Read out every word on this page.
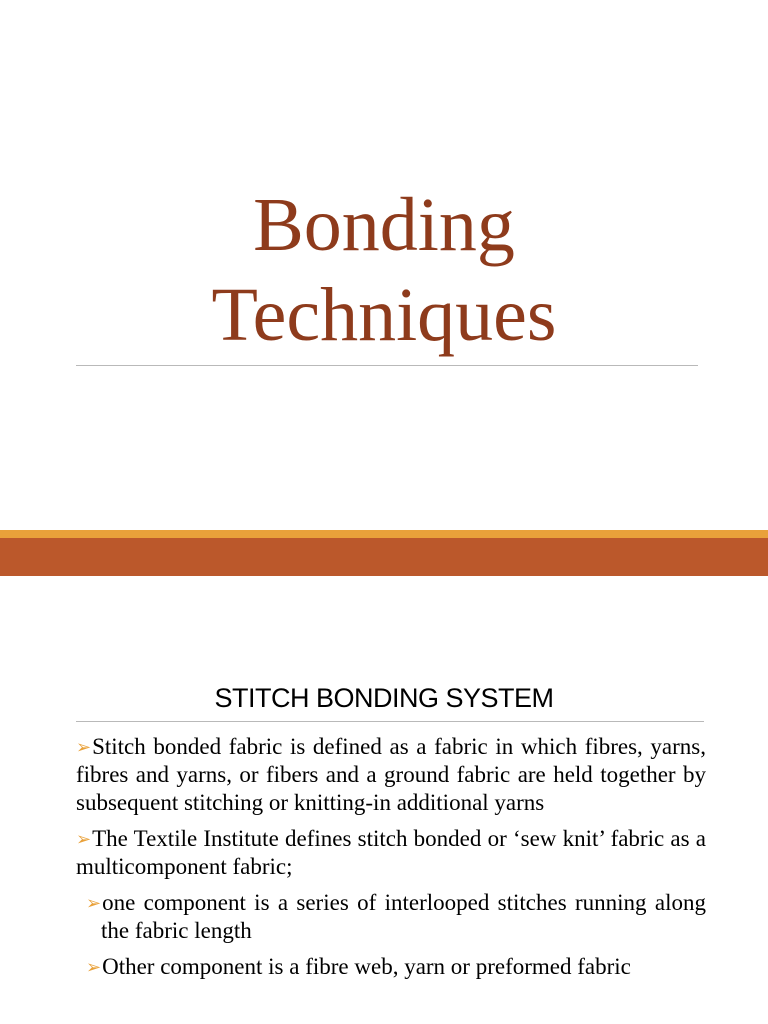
Bonding
Techniques
STITCH BONDING SYSTEM

➢Stitch bonded fabric is defined as a fabric in which fibres, yarns, fibres and yarns, or fibers and a ground fabric are held together by subsequent stitching or knitting-in additional yarns

➢The Textile Institute defines stitch bonded or ‘sew knit’ fabric as a multicomponent fabric;

➢one component is a series of interlooped stitches running along the fabric length

➢Other component is a fibre web, yarn or preformed fabric
